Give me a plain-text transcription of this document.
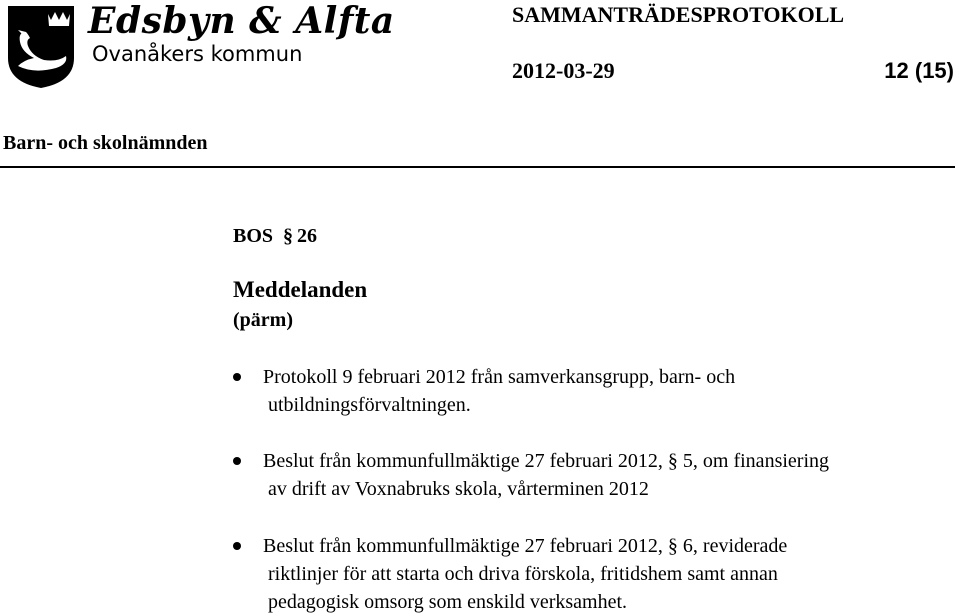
Edsbyn & Alfta
Ovanåkers kommun
SAMMANTRÄDESPROTOKOLL
2012-03-29	12 (15)
Barn- och skolnämnden
BOS § 26
Meddelanden
(pärm)
Protokoll 9 februari 2012 från samverkansgrupp, barn- och
utbildningsförvaltningen.
Beslut från kommunfullmäktige 27 februari 2012, § 5, om finansiering
av drift av Voxnabruks skola, vårterminen 2012
Beslut från kommunfullmäktige 27 februari 2012, § 6, reviderade
riktlinjer för att starta och driva förskola, fritidshem samt annan
pedagogisk omsorg som enskild verksamhet.
